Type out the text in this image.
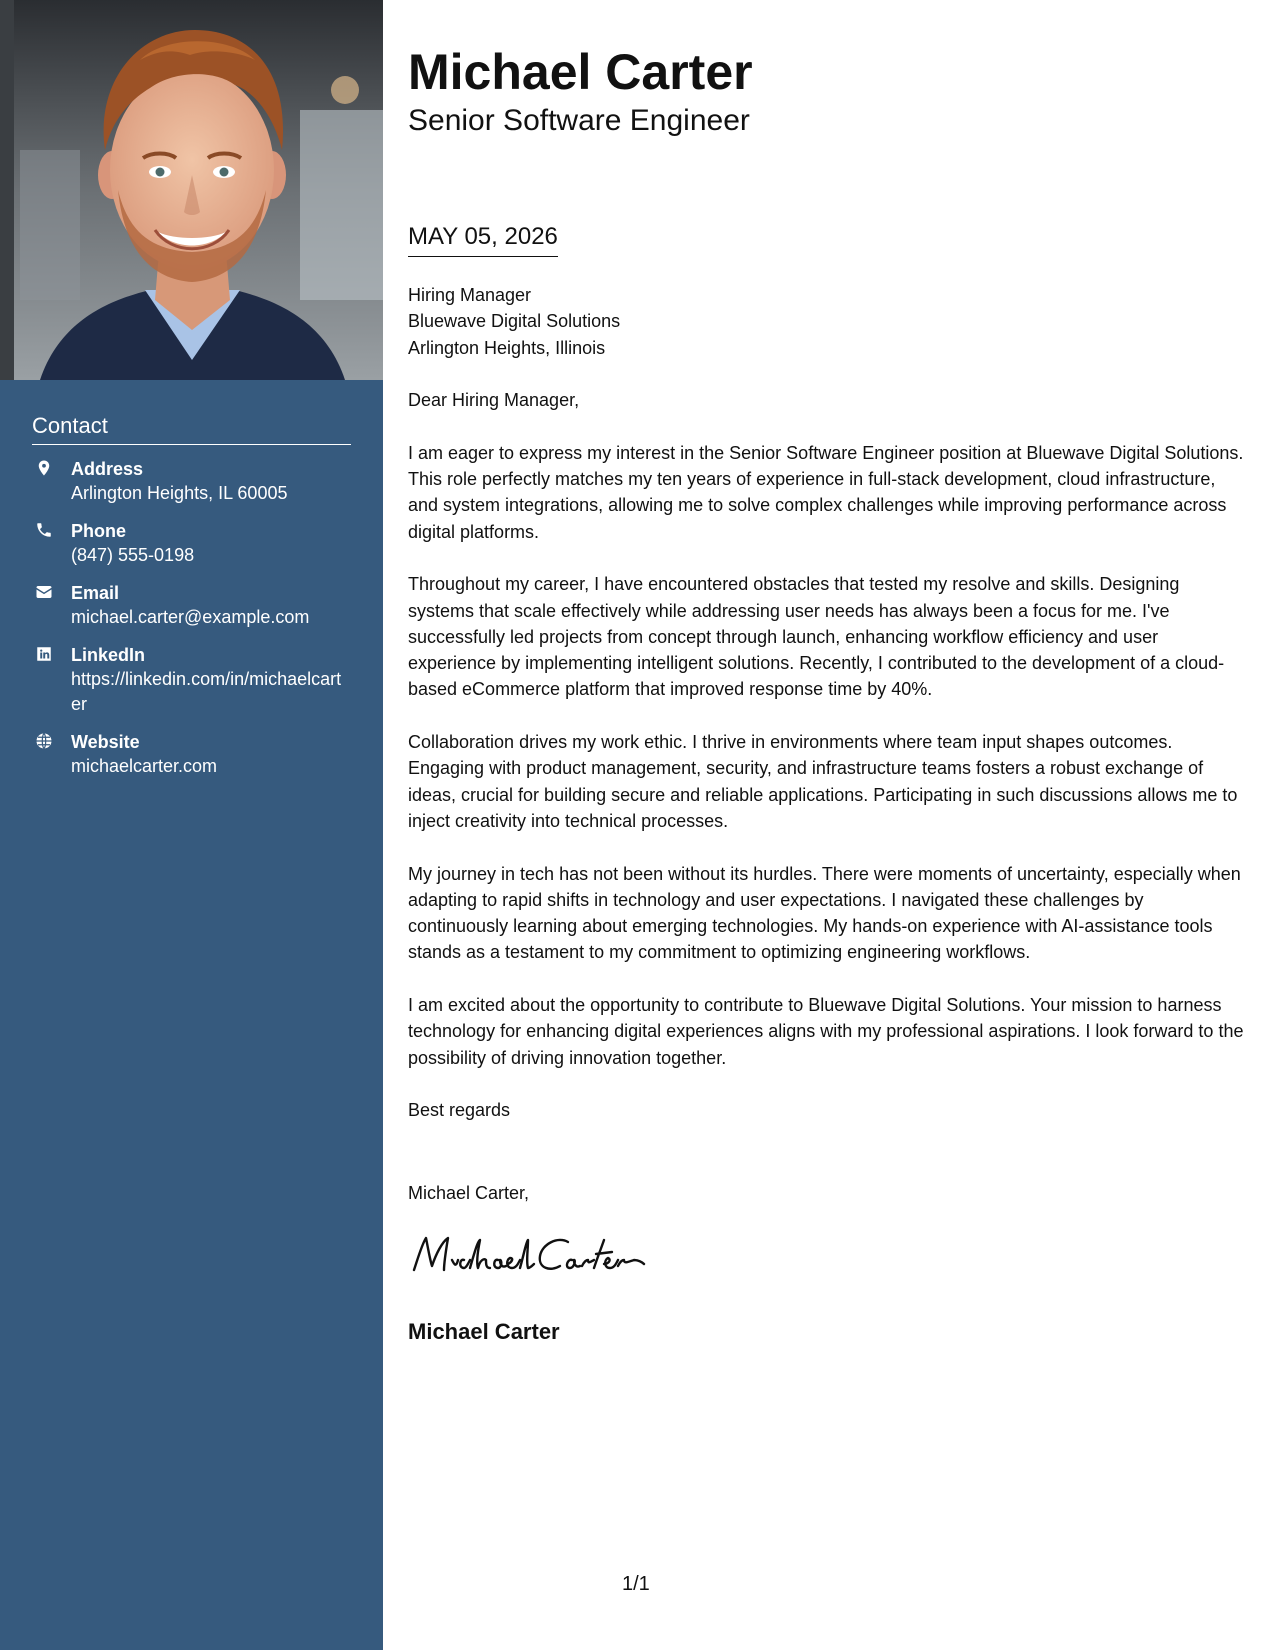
Contact
Address
Arlington Heights, IL 60005
Phone
(847) 555-0198
Email
michael.carter@example.com
LinkedIn
https://linkedin.com/in/michaelcarter
Website
michaelcarter.com
Michael Carter
Senior Software Engineer
MAY 05, 2026

Hiring Manager
Bluewave Digital Solutions
Arlington Heights, Illinois

Dear Hiring Manager,

I am eager to express my interest in the Senior Software Engineer position at Bluewave Digital Solutions. This role perfectly matches my ten years of experience in full-stack development, cloud infrastructure, and system integrations, allowing me to solve complex challenges while improving performance across digital platforms.

Throughout my career, I have encountered obstacles that tested my resolve and skills. Designing systems that scale effectively while addressing user needs has always been a focus for me. I've successfully led projects from concept through launch, enhancing workflow efficiency and user experience by implementing intelligent solutions. Recently, I contributed to the development of a cloud-based eCommerce platform that improved response time by 40%.

Collaboration drives my work ethic. I thrive in environments where team input shapes outcomes. Engaging with product management, security, and infrastructure teams fosters a robust exchange of ideas, crucial for building secure and reliable applications. Participating in such discussions allows me to inject creativity into technical processes.

My journey in tech has not been without its hurdles. There were moments of uncertainty, especially when adapting to rapid shifts in technology and user expectations. I navigated these challenges by continuously learning about emerging technologies. My hands-on experience with AI-assistance tools stands as a testament to my commitment to optimizing engineering workflows.

I am excited about the opportunity to contribute to Bluewave Digital Solutions. Your mission to harness technology for enhancing digital experiences aligns with my professional aspirations. I look forward to the possibility of driving innovation together.

Best regards

Michael Carter,
Michael Carter
1/1
